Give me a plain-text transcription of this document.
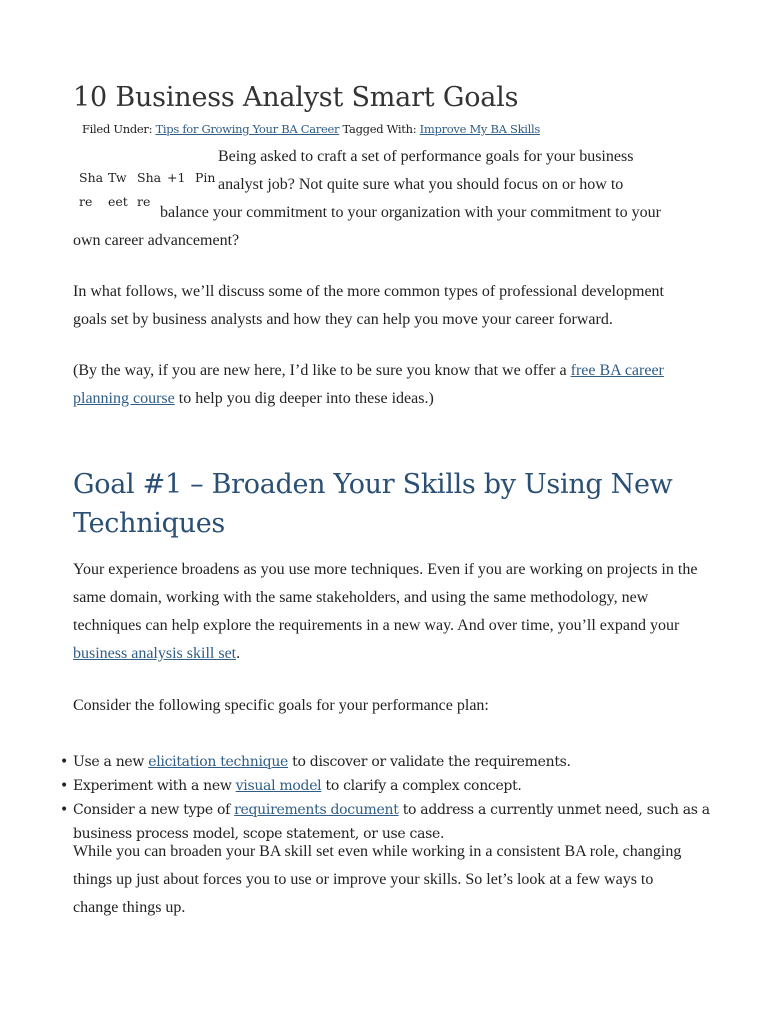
10 Business Analyst Smart Goals
Filed Under: Tips for Growing Your BA Career Tagged With: Improve My BA Skills
Sha
re
Tw
eet
Sha
re
+1 Pin
Being asked to craft a set of performance goals for your business
analyst job? Not quite sure what you should focus on or how to
balance your commitment to your organization with your commitment to your
own career advancement?

In what follows, we’ll discuss some of the more common types of professional development goals set by business analysts and how they can help you move your career forward.

(By the way, if you are new here, I’d like to be sure you know that we offer a free BA career planning course to help you dig deeper into these ideas.)

Goal #1 – Broaden Your Skills by Using New Techniques

Your experience broadens as you use more techniques. Even if you are working on projects in the same domain, working with the same stakeholders, and using the same methodology, new techniques can help explore the requirements in a new way. And over time, you’ll expand your business analysis skill set.

Consider the following specific goals for your performance plan:

• Use a new elicitation technique to discover or validate the requirements.
• Experiment with a new visual model to clarify a complex concept.
• Consider a new type of requirements document to address a currently unmet need, such as a business process model, scope statement, or use case.

While you can broaden your BA skill set even while working in a consistent BA role, changing things up just about forces you to use or improve your skills. So let’s look at a few ways to change things up.
